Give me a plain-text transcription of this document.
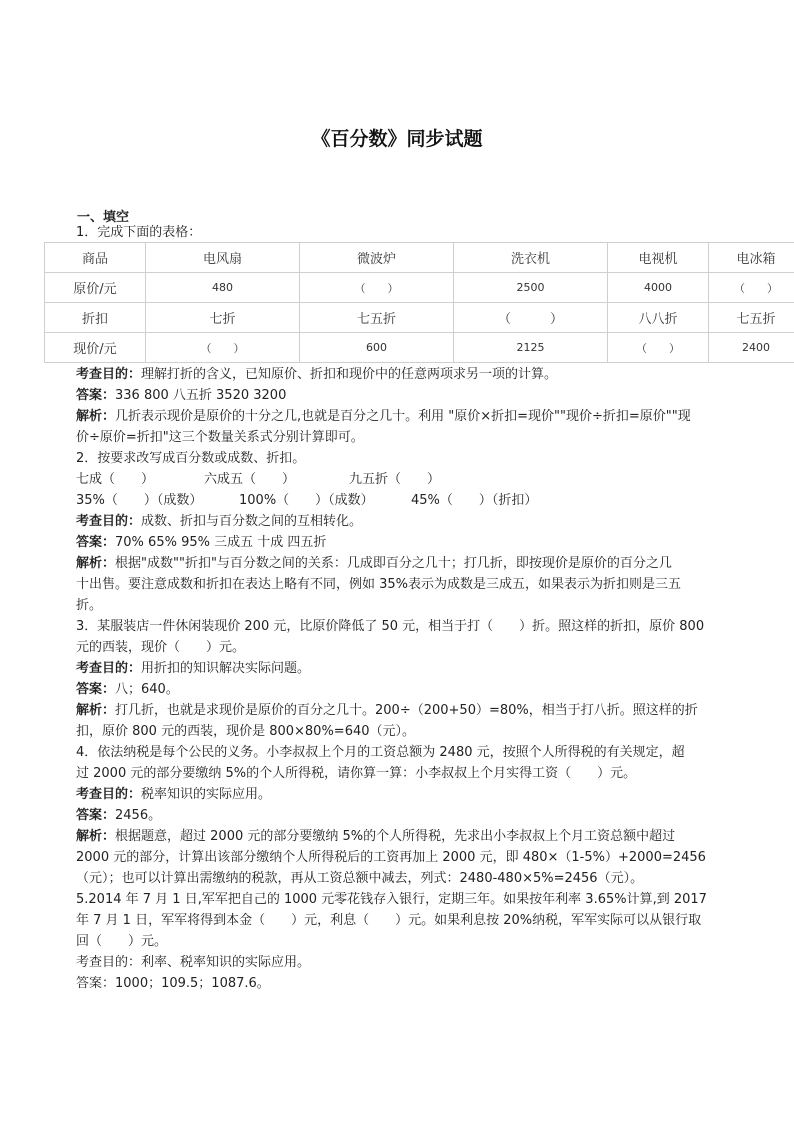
《百分数》同步试题
一、填空
1．完成下面的表格：
商品	电风扇	微波炉	洗衣机	电视机	电冰箱
原价/元	480	（　　）	2500	4000	（　　）
折扣	七折	七五折	（　　　）	八八折	七五折
现价/元	（　　）	600	2125	（　　）	2400
考查目的：理解打折的含义，已知原价、折扣和现价中的任意两项求另一项的计算。
答案：336 800 八五折 3520 3200
解析：几折表示现价是原价的十分之几,也就是百分之几十。利用 "原价×折扣=现价""现价÷折扣=原价""现
价÷原价=折扣"这三个数量关系式分别计算即可。
2．按要求改写成百分数或成数、折扣。
七成（　　）	六成五（　　）	九五折（　　）
35%（　　）（成数）	100%（　　）（成数）	45%（　　）（折扣）
考查目的：成数、折扣与百分数之间的互相转化。
答案：70% 65% 95% 三成五 十成 四五折
解析：根据"成数""折扣"与百分数之间的关系：几成即百分之几十；打几折，即按现价是原价的百分之几
十出售。要注意成数和折扣在表达上略有不同，例如 35%表示为成数是三成五，如果表示为折扣则是三五
折。
3．某服装店一件休闲装现价 200 元，比原价降低了 50 元，相当于打（　　）折。照这样的折扣，原价 800
元的西装，现价（　　）元。
考查目的：用折扣的知识解决实际问题。
答案：八；640。
解析：打几折，也就是求现价是原价的百分之几十。200÷（200+50）=80%，相当于打八折。照这样的折
扣，原价 800 元的西装，现价是 800×80%=640（元）。
4．依法纳税是每个公民的义务。小李叔叔上个月的工资总额为 2480 元，按照个人所得税的有关规定，超
过 2000 元的部分要缴纳 5%的个人所得税，请你算一算：小李叔叔上个月实得工资（　　）元。
考查目的：税率知识的实际应用。
答案：2456。
解析：根据题意，超过 2000 元的部分要缴纳 5%的个人所得税，先求出小李叔叔上个月工资总额中超过
2000 元的部分，计算出该部分缴纳个人所得税后的工资再加上 2000 元，即 480×（1-5%）+2000=2456
（元）；也可以计算出需缴纳的税款，再从工资总额中减去，列式：2480-480×5%=2456（元）。
5.2014 年 7 月 1 日,军军把自己的 1000 元零花钱存入银行，定期三年。如果按年利率 3.65%计算,到 2017
年 7 月 1 日，军军将得到本金（　　）元，利息（　　）元。如果利息按 20%纳税，军军实际可以从银行取
回（　　）元。
考查目的：利率、税率知识的实际应用。
答案：1000；109.5；1087.6。
